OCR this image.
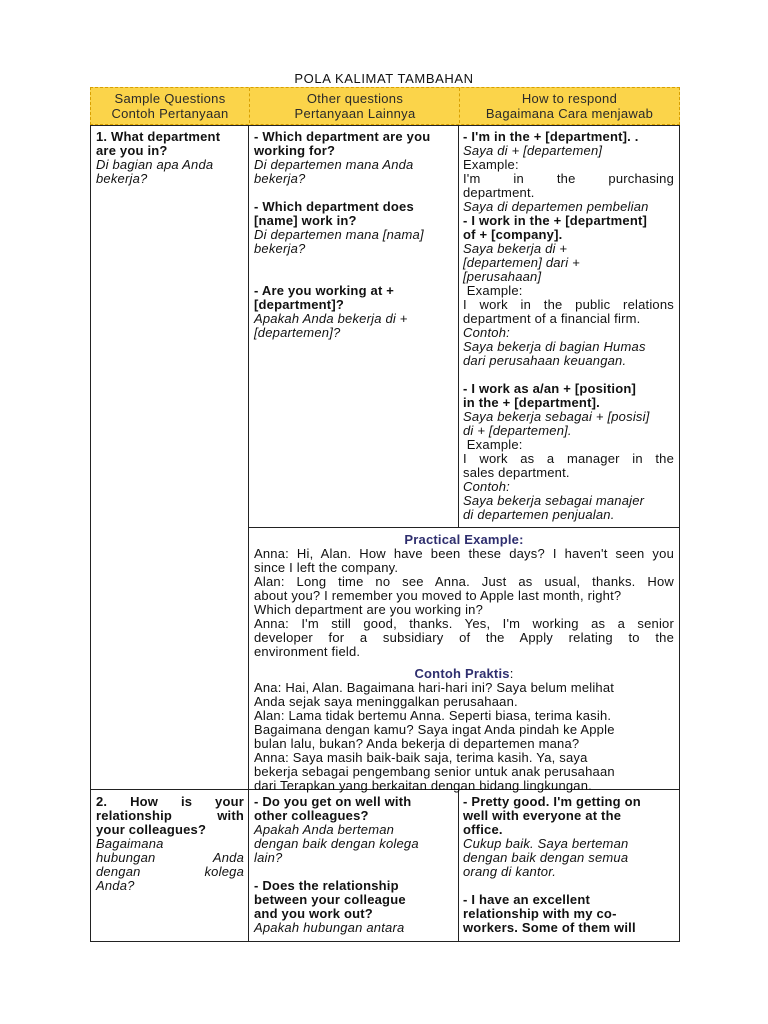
POLA KALIMAT TAMBAHAN
Sample Questions
Contoh Pertanyaan
Other questions
Pertanyaan Lainnya
How to respond
Bagaimana Cara menjawab

1. What department

are you in?

Di bagian apa Anda

bekerja?

- Which department are you

working for?

Di departemen mana Anda

bekerja?

- Which department does

[name] work in?

Di departemen mana [nama]

bekerja?

- Are you working at +

[department]?

Apakah Anda bekerja di +

[departemen]?

- I'm in the + [department]. .

Saya di + [departemen]

Example:

I'm in the purchasing

department.

Saya di departemen pembelian

- I work in the + [department]

of + [company].

Saya bekerja di +

[departemen] dari +

[perusahaan]

Example:

I work in the public relations

department of a financial firm.

Contoh:

Saya bekerja di bagian Humas

dari perusahaan keuangan.

- I work as a/an + [position]

in the + [department].

Saya bekerja sebagai + [posisi]

di + [departemen].

Example:

I work as a manager in the

sales department.

Contoh:

Saya bekerja sebagai manajer

di departemen penjualan.

Practical Example:

Anna: Hi, Alan. How have been these days? I haven't seen you

since I left the company.

Alan: Long time no see Anna. Just as usual, thanks. How

about you? I remember you moved to Apple last month, right?

Which department are you working in?

Anna: I'm still good, thanks. Yes, I'm working as a senior

developer for a subsidiary of the Apply relating to the

environment field.

Contoh Praktis:

Ana: Hai, Alan. Bagaimana hari-hari ini? Saya belum melihat

Anda sejak saya meninggalkan perusahaan.

Alan: Lama tidak bertemu Anna. Seperti biasa, terima kasih.

Bagaimana dengan kamu? Saya ingat Anda pindah ke Apple

bulan lalu, bukan? Anda bekerja di departemen mana?

Anna: Saya masih baik-baik saja, terima kasih. Ya, saya

bekerja sebagai pengembang senior untuk anak perusahaan

dari Terapkan yang berkaitan dengan bidang lingkungan.

2. How is your

relationship with

your colleagues?

Bagaimana

hubungan Anda

dengan kolega

Anda?

- Do you get on well with

other colleagues?

Apakah Anda berteman

dengan baik dengan kolega

lain?

- Does the relationship

between your colleague

and you work out?

Apakah hubungan antara

- Pretty good. I'm getting on

well with everyone at the

office.

Cukup baik. Saya berteman

dengan baik dengan semua

orang di kantor.

- I have an excellent

relationship with my co-

workers. Some of them will
